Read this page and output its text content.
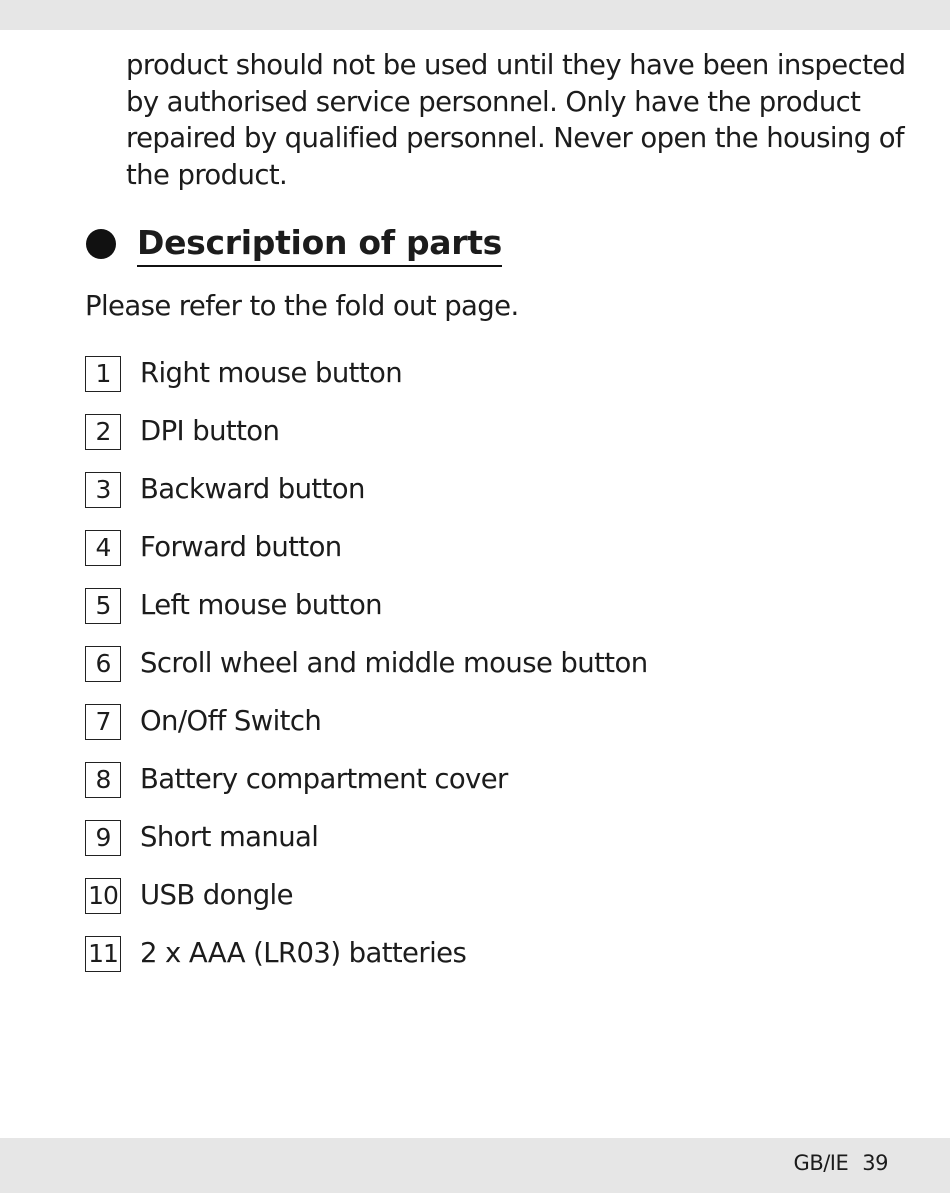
product should not be used until they have been inspected
by authorised service personnel. Only have the product
repaired by qualified personnel. Never open the housing of
the product.

Description of parts

Please refer to the fold out page.

1	Right mouse button
2	DPI button
3	Backward button
4	Forward button
5	Left mouse button
6	Scroll wheel and middle mouse button
7	On/Off Switch
8	Battery compartment cover
9	Short manual
10 USB dongle
11 2 x AAA (LR03) batteries
GB/IE 39
